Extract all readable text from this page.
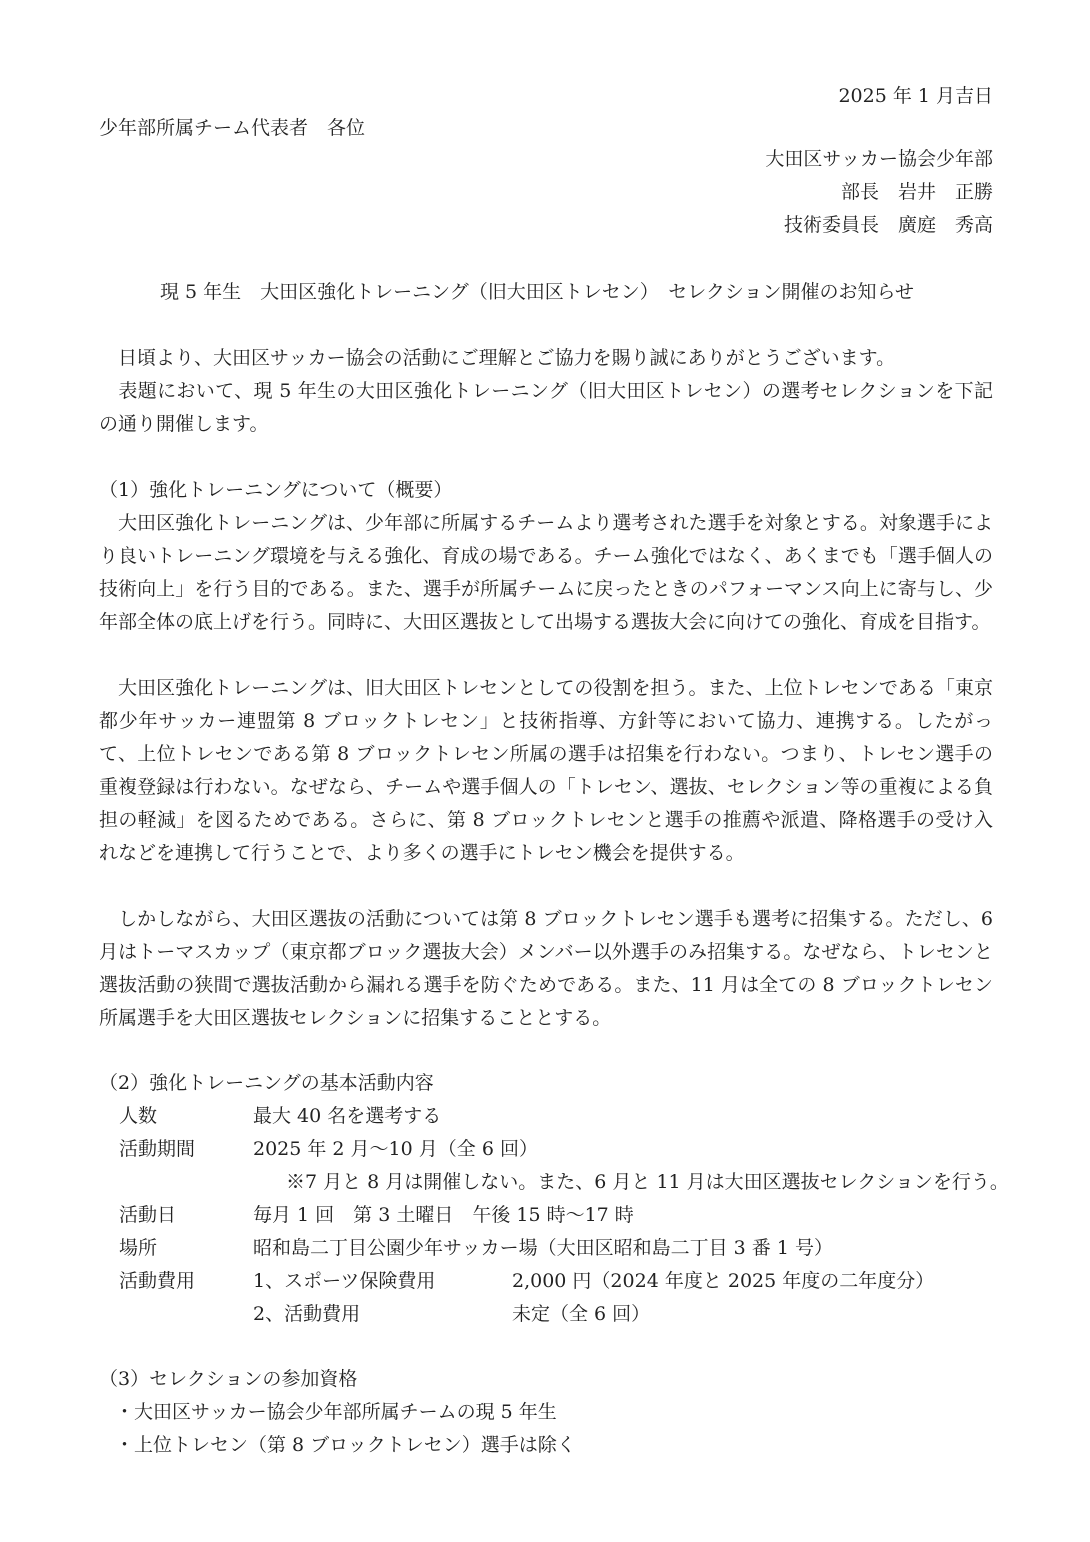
2025 年 1 月吉日
少年部所属チーム代表者　各位
大田区サッカー協会少年部
部長　岩井　正勝
技術委員長　廣庭　秀高
現 5 年生　大田区強化トレーニング（旧大田区トレセン）　セレクション開催のお知らせ
　日頃より、大田区サッカー協会の活動にご理解とご協力を賜り誠にありがとうございます。
　表題において、現 5 年生の大田区強化トレーニング（旧大田区トレセン）の選考セレクションを下記の通り開催します。
（1）強化トレーニングについて（概要）
　大田区強化トレーニングは、少年部に所属するチームより選考された選手を対象とする。対象選手により良いトレーニング環境を与える強化、育成の場である。チーム強化ではなく、あくまでも「選手個人の技術向上」を行う目的である。また、選手が所属チームに戻ったときのパフォーマンス向上に寄与し、少年部全体の底上げを行う。同時に、大田区選抜として出場する選抜大会に向けての強化、育成を目指す。
　大田区強化トレーニングは、旧大田区トレセンとしての役割を担う。また、上位トレセンである「東京都少年サッカー連盟第 8 ブロックトレセン」と技術指導、方針等において協力、連携する。したがって、上位トレセンである第 8 ブロックトレセン所属の選手は招集を行わない。つまり、トレセン選手の重複登録は行わない。なぜなら、チームや選手個人の「トレセン、選抜、セレクション等の重複による負担の軽減」を図るためである。さらに、第 8 ブロックトレセンと選手の推薦や派遣、降格選手の受け入れなどを連携して行うことで、より多くの選手にトレセン機会を提供する。
　しかしながら、大田区選抜の活動については第 8 ブロックトレセン選手も選考に招集する。ただし、6 月はトーマスカップ（東京都ブロック選抜大会）メンバー以外選手のみ招集する。なぜなら、トレセンと選抜活動の狭間で選抜活動から漏れる選手を防ぐためである。また、11 月は全ての 8 ブロックトレセン所属選手を大田区選抜セレクションに招集することとする。
（2）強化トレーニングの基本活動内容
人数	最大 40 名を選考する
活動期間	2025 年 2 月～10 月（全 6 回）
※7 月と 8 月は開催しない。また、6 月と 11 月は大田区選抜セレクションを行う。
活動日	毎月 1 回　第 3 土曜日　午後 15 時～17 時
場所	昭和島二丁目公園少年サッカー場（大田区昭和島二丁目 3 番 1 号）
活動費用	1、スポーツ保険費用	2,000 円（2024 年度と 2025 年度の二年度分）
2、活動費用	未定（全 6 回）
（3）セレクションの参加資格
・大田区サッカー協会少年部所属チームの現 5 年生
・上位トレセン（第 8 ブロックトレセン）選手は除く
